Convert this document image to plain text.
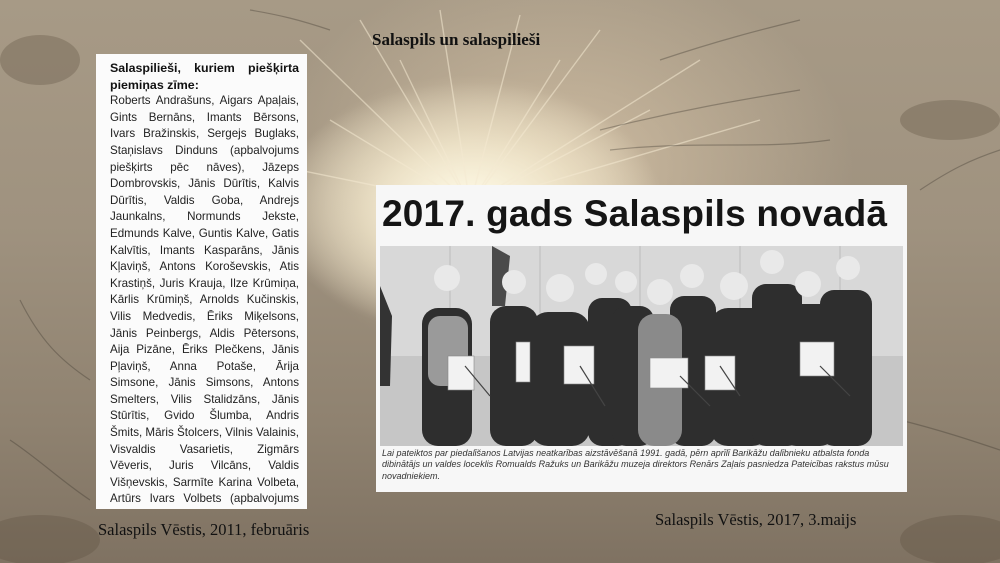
Salaspils un salaspilieši
Salaspilieši, kuriem piešķirta piemiņas zīme:
Roberts Andrašuns, Aigars Apaļais, Gints Bernāns, Imants Bērsons, Ivars Bražinskis, Sergejs Buglaks, Staņislavs Dinduns (apbalvojums piešķirts pēc nāves), Jāzeps Dombrovskis, Jānis Dūrītis, Kalvis Dūrītis, Valdis Goba, Andrejs Jaunkalns, Normunds Jekste, Edmunds Kalve, Guntis Kalve, Gatis Kalvītis, Imants Kasparāns, Jānis Kļaviņš, Antons Koroševskis, Atis Krastiņš, Juris Krauja, Ilze Krūmiņa, Kārlis Krūmiņš, Arnolds Kučinskis, Vilis Medvedis, Ēriks Miķelsons, Jānis Peinbergs, Aldis Pētersons, Aija Pizāne, Ēriks Plečkens, Jānis Pļaviņš, Anna Potaše, Ārija Simsone, Jānis Simsons, Antons Smelters, Vilis Stalidzāns, Jānis Stūrītis, Gvido Šlumba, Andris Šmits, Māris Štolcers, Vilnis Valainis, Visvaldis Vasarietis, Zigmārs Vēveris, Juris Vilcāns, Valdis Višņevskis, Sarmīte Karina Volbeta, Artūrs Ivars Volbets (apbalvojums
2017. gads Salaspils novadā
Lai pateiktos par piedalīšanos Latvijas neatkarības aizstāvēšanā 1991. gadā, pērn aprīlī Barikāžu dalībnieku atbalsta fonda dibinātājs un valdes loceklis Romualds Ražuks un Barikāžu muzeja direktors Renārs Zaļais pasniedza Pateicības rakstus mūsu novadniekiem.
Salaspils Vēstis, 2011, februāris
Salaspils Vēstis, 2017, 3.maijs
